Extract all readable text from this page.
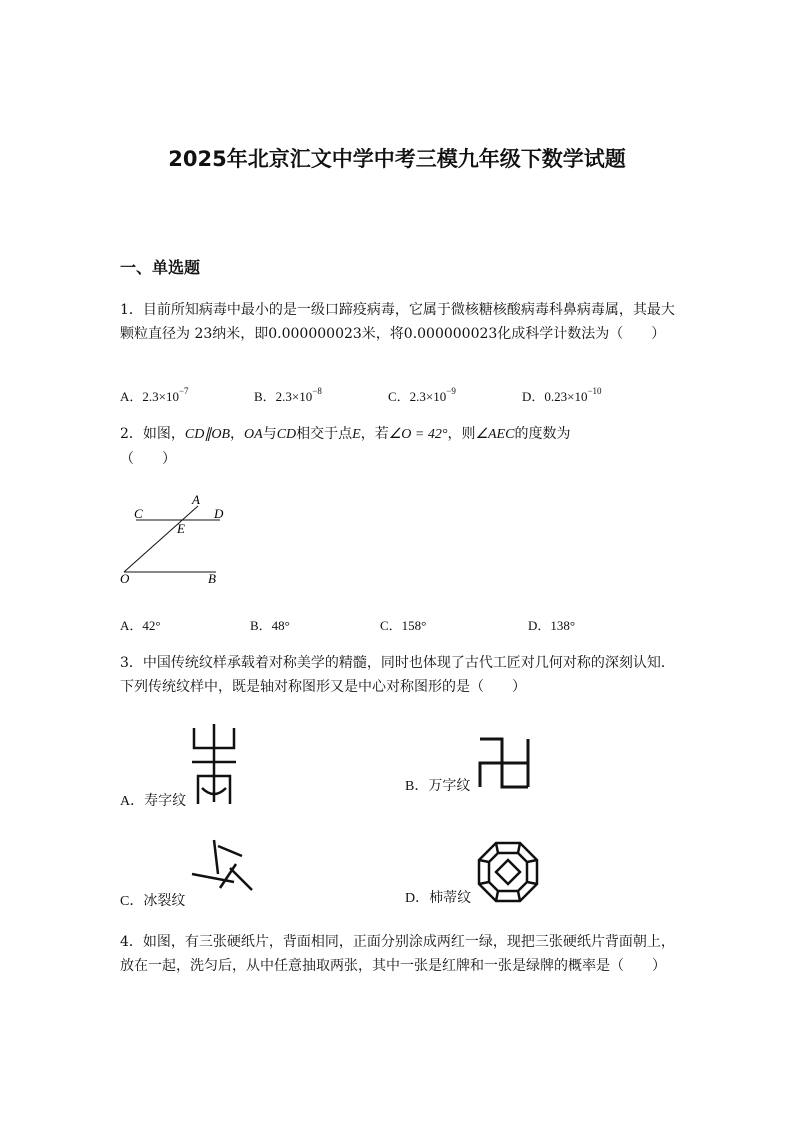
2025年北京汇文中学中考三模九年级下数学试题
一、单选题
1．目前所知病毒中最小的是一级口蹄疫病毒，它属于微核糖核酸病毒科鼻病毒属，其最大颗粒直径为 23纳米，即0.000000023米，将0.000000023化成科学计数法为（　　）
A．$2.3\times 10^{-7}$	B．$2.3\times 10^{-8}$	C．$2.3\times 10^{-9}$	D．$0.23\times 10^{-10}$
2．如图，CD∥OB，OA与CD相交于点E，若∠O = 42°，则∠AEC的度数为
（　　）
A
C	D
E
O	B
A．42°	B．48°	C．158°	D．138°
3．中国传统纹样承载着对称美学的精髓，同时也体现了古代工匠对几何对称的深刻认知．下列传统纹样中，既是轴对称图形又是中心对称图形的是（　　）
A．寿字纹
B．万字纹
C．冰裂纹	D．柿蒂纹
4．如图，有三张硬纸片，背面相同，正面分别涂成两红一绿，现把三张硬纸片背面朝上，放在一起，洗匀后，从中任意抽取两张，其中一张是红牌和一张是绿牌的概率是（　　）
